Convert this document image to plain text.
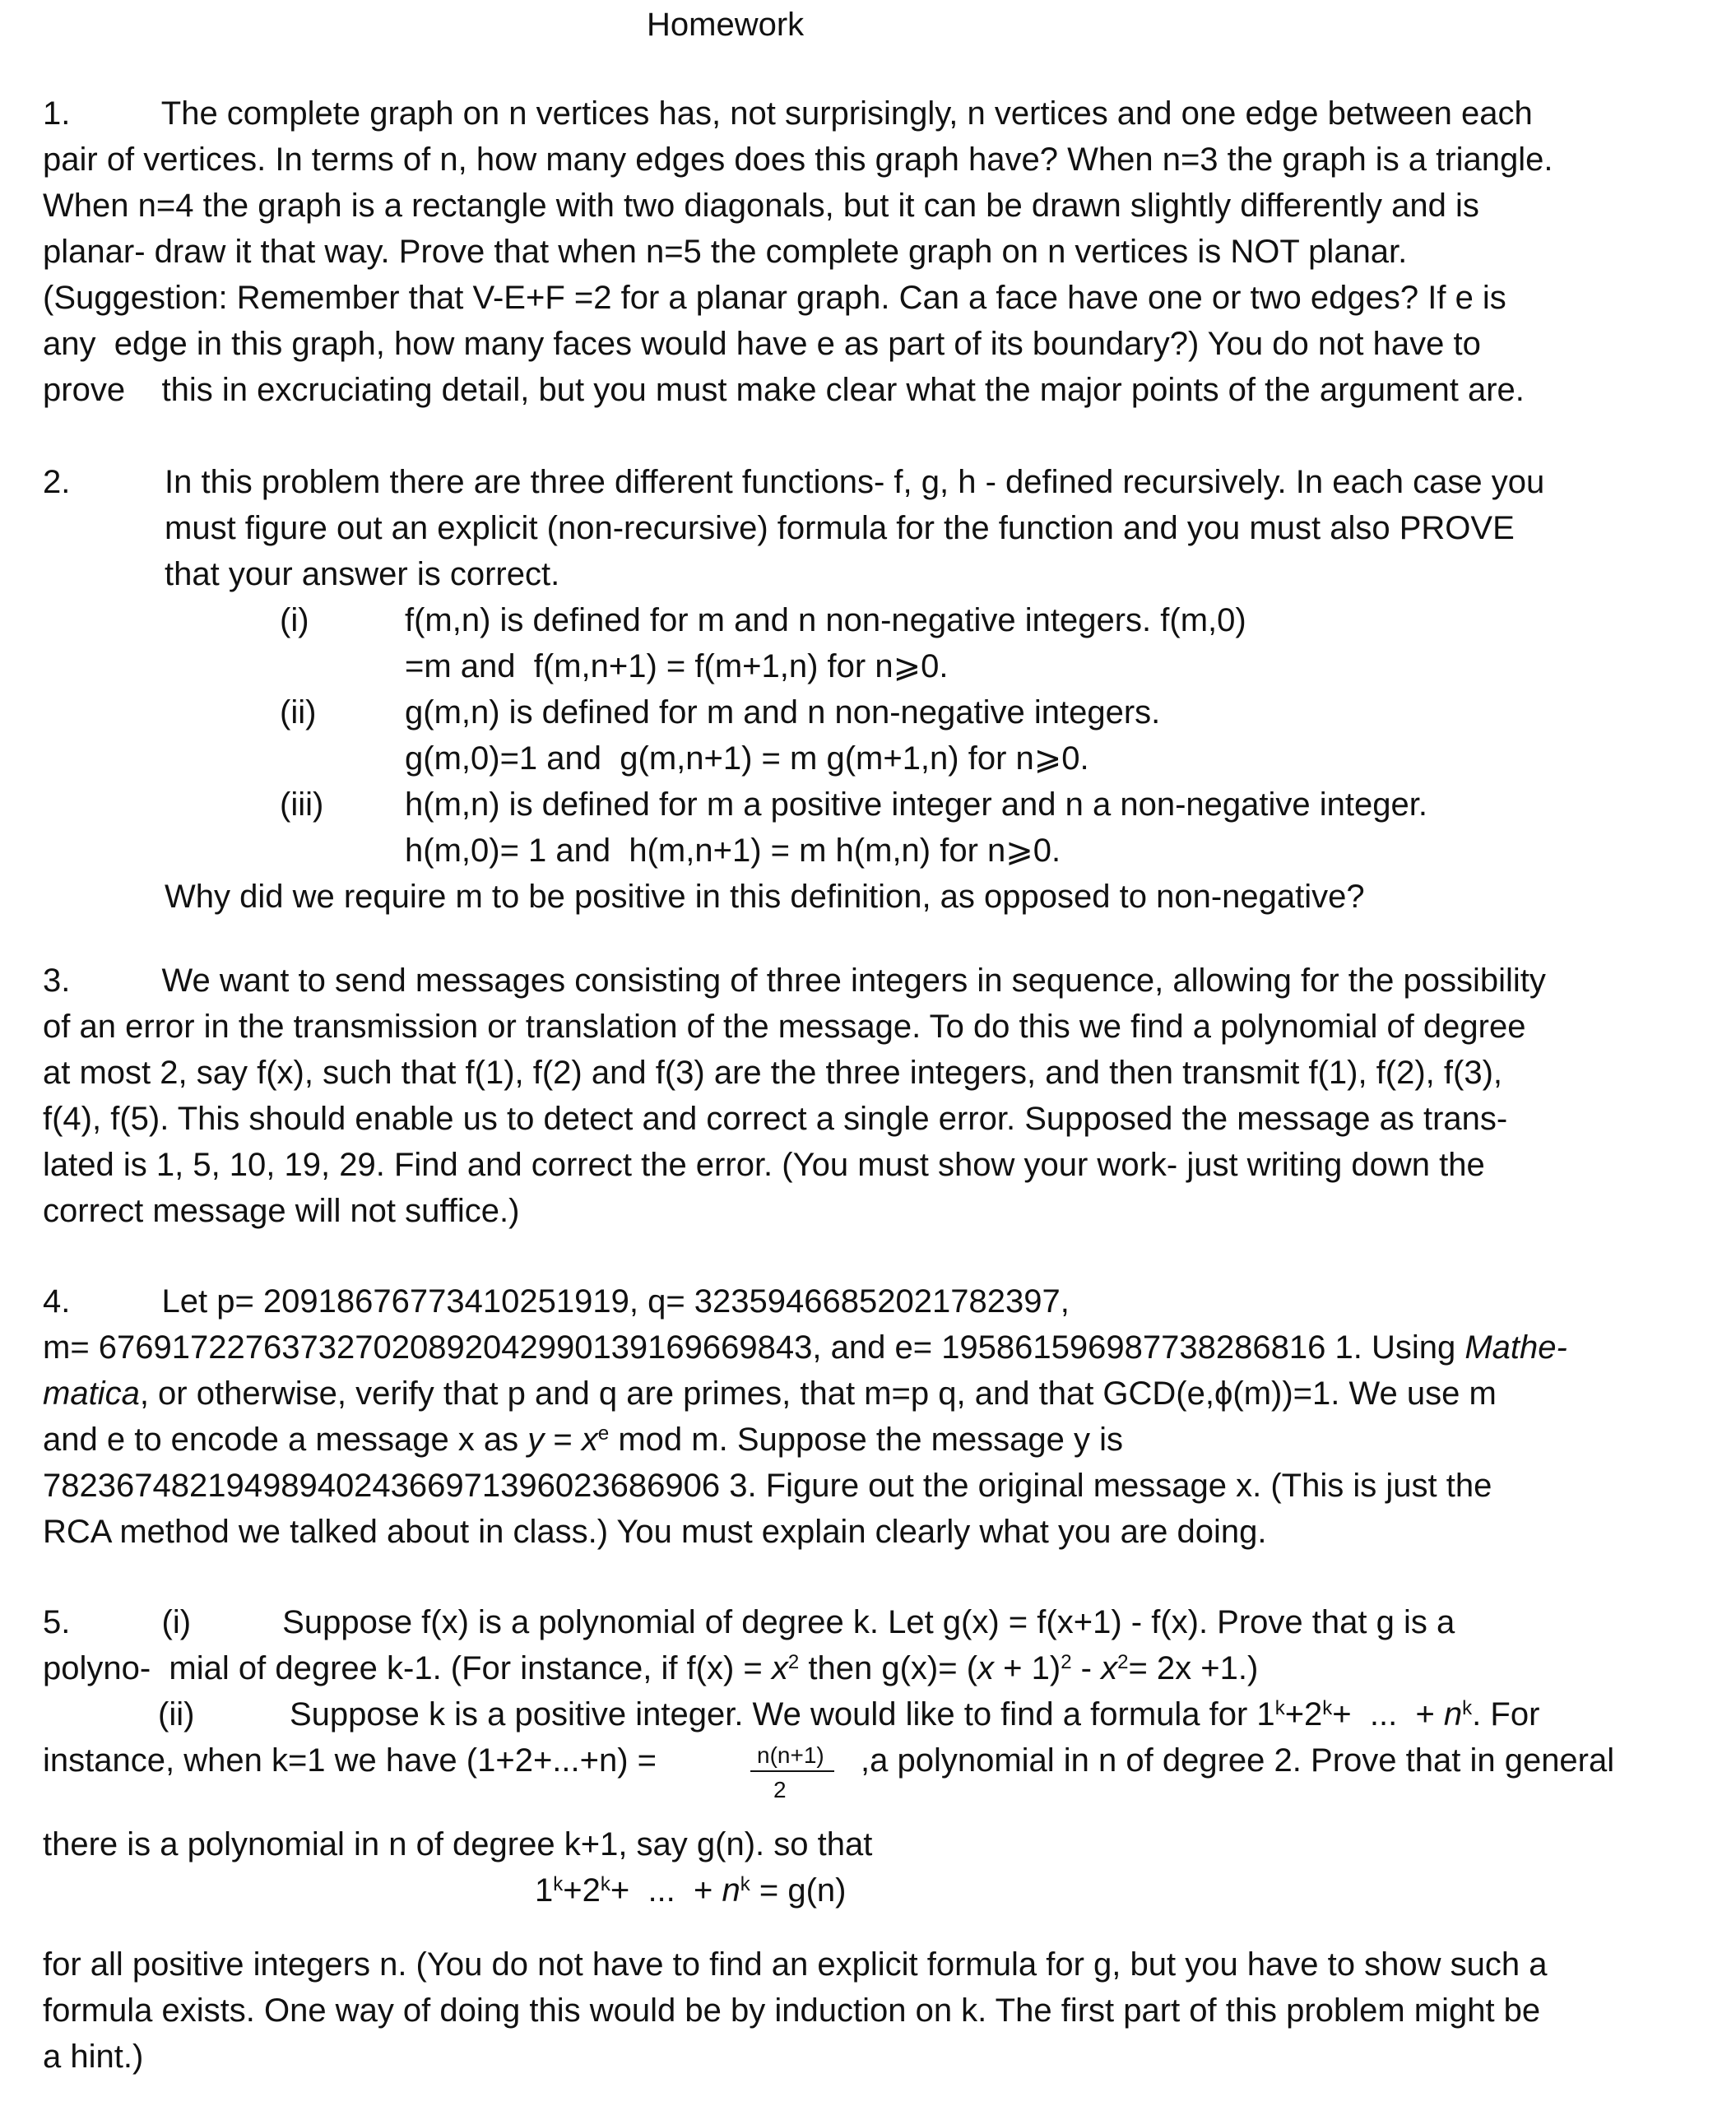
Homework
1.          The complete graph on n vertices has, not surprisingly, n vertices and one edge between each
pair of vertices. In terms of n, how many edges does this graph have? When n=3 the graph is a triangle.
When n=4 the graph is a rectangle with two diagonals, but it can be drawn slightly differently and is
planar- draw it that way. Prove that when n=5 the complete graph on n vertices is NOT planar.
(Suggestion: Remember that V-E+F =2 for a planar graph. Can a face have one or two edges? If e is
any  edge in this graph, how many faces would have e as part of its boundary?) You do not have to
prove    this in excruciating detail, but you must make clear what the major points of the argument are.
2.	In this problem there are three different functions- f, g, h - defined recursively. In each case you
must figure out an explicit (non-recursive) formula for the function and you must also PROVE
that your answer is correct.
(i)	f(m,n) is defined for m and n non-negative integers. f(m,0)
=m and  f(m,n+1) = f(m+1,n) for n⩾0.
(ii)	g(m,n) is defined for m and n non-negative integers.
g(m,0)=1 and  g(m,n+1) = m g(m+1,n) for n⩾0.
(iii) h(m,n) is defined for m a positive integer and n a non-negative integer.
h(m,0)= 1 and  h(m,n+1) = m h(m,n) for n⩾0.
Why did we require m to be positive in this definition, as opposed to non-negative?
3.          We want to send messages consisting of three integers in sequence, allowing for the possibility
of an error in the transmission or translation of the message. To do this we find a polynomial of degree
at most 2, say f(x), such that f(1), f(2) and f(3) are the three integers, and then transmit f(1), f(2), f(3),
f(4), f(5). This should enable us to detect and correct a single error. Supposed the message as trans-
lated is 1, 5, 10, 19, 29. Find and correct the error. (You must show your work- just writing down the
correct message will not suffice.)
4.          Let p= 20918676773410251919, q= 32359466852021782397,
m= 676917227637327020892042990139169669843, and e= 195861596987738286816 1. Using Mathe-
matica, or otherwise, verify that p and q are primes, that m=p q, and that GCD(e,ϕ(m))=1. We use m
and e to encode a message x as $y = x^e$ mod m. Suppose the message y is
7823674821949894024366971396023686906 3. Figure out the original message x. (This is just the
RCA method we talked about in class.) You must explain clearly what you are doing.
5.          (i)          Suppose f(x) is a polynomial of degree k. Let g(x) = f(x+1) - f(x). Prove that g is a
polyno-  mial of degree k-1. (For instance, if $f(x) = x^2$ then $g(x)= (x + 1)^2 - x^2= 2x +1$.)
(ii)	Suppose k is a positive integer. We would like to find a formula for $1^k+2^k+$  ...  + $n^k$. For
instance, when k=1 we have (1+2+...+n) =	n(n+1)
2
,a polynomial in n of degree 2. Prove that in general
there is a polynomial in n of degree k+1, say g(n). so that
$1^k+2^k+$  ...  + $n^k = g(n)$
for all positive integers n. (You do not have to find an explicit formula for g, but you have to show such a
formula exists. One way of doing this would be by induction on k. The first part of this problem might be
a hint.)
